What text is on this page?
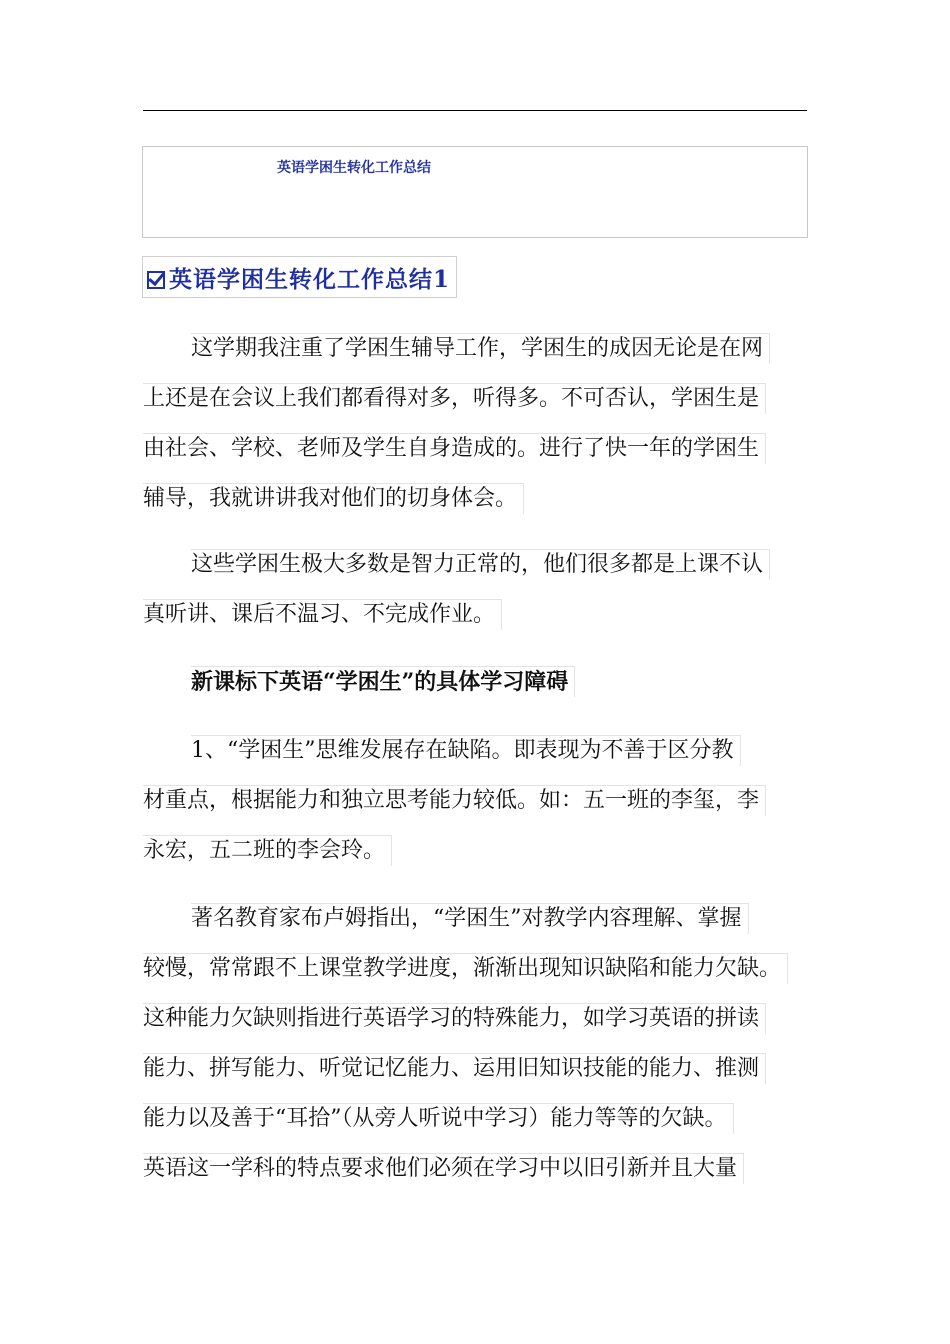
英语学困生转化工作总结
英语学困生转化工作总结1
这学期我注重了学困生辅导工作，学困生的成因无论是在网
上还是在会议上我们都看得对多，听得多。不可否认，学困生是
由社会、学校、老师及学生自身造成的。进行了快一年的学困生
辅导，我就讲讲我对他们的切身体会。
这些学困生极大多数是智力正常的，他们很多都是上课不认
真听讲、课后不温习、不完成作业。
新课标下英语“学困生”的具体学习障碍
1、“学困生”思维发展存在缺陷。即表现为不善于区分教
材重点，根据能力和独立思考能力较低。如：五一班的李玺，李
永宏，五二班的李会玲。
著名教育家布卢姆指出，“学困生”对教学内容理解、掌握
较慢，常常跟不上课堂教学进度，渐渐出现知识缺陷和能力欠缺。
这种能力欠缺则指进行英语学习的特殊能力，如学习英语的拼读
能力、拼写能力、听觉记忆能力、运用旧知识技能的能力、推测
能力以及善于“耳拾”（从旁人听说中学习）能力等等的欠缺。
英语这一学科的特点要求他们必须在学习中以旧引新并且大量
